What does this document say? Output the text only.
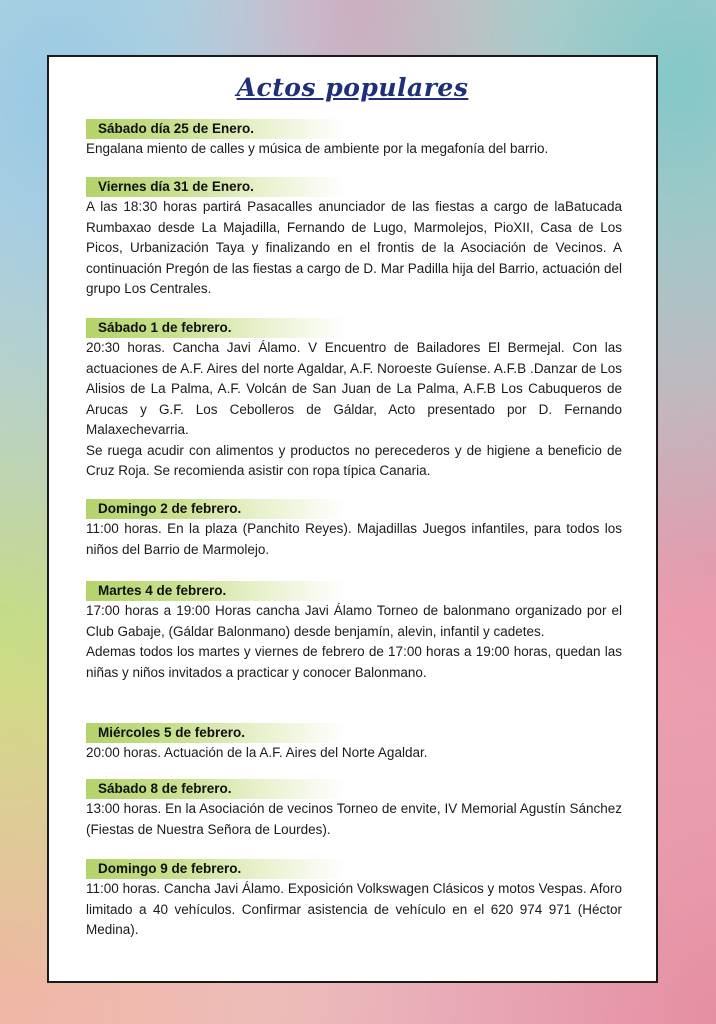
Actos populares
Sábado día 25 de Enero.

Engalana miento de calles y música de ambiente por la megafonía del barrio.

Viernes día 31 de Enero.

A las 18:30 horas partirá Pasacalles anunciador de las fiestas a cargo de laBatucada Rumbaxao desde La Majadilla, Fernando de Lugo, Marmolejos, PioXII, Casa de Los Picos, Urbanización Taya y finalizando en el frontis de la Asociación de Vecinos. A continuación Pregón de las fiestas a cargo de D. Mar Padilla hija del Barrio, actuación del grupo Los Centrales.

Sábado 1 de febrero.

20:30 horas. Cancha Javi Álamo. V Encuentro de Bailadores El Bermejal. Con las actuaciones de A.F. Aires del norte Agaldar, A.F. Noroeste Guíense. A.F.B .Danzar de Los Alisios de La Palma, A.F. Volcán de San Juan de La Palma, A.F.B Los Cabuqueros de Arucas y G.F. Los Cebolleros de Gáldar, Acto presentado por D. Fernando Malaxechevarria.

Se ruega acudir con alimentos y productos no perecederos y de higiene a beneficio de Cruz Roja. Se recomienda asistir con ropa típica Canaria.

Domingo 2 de febrero.

11:00 horas. En la plaza (Panchito Reyes). Majadillas Juegos infantiles, para todos los niños del Barrio de Marmolejo.

Martes 4 de febrero.

17:00 horas a 19:00 Horas cancha Javi Álamo Torneo de balonmano organizado por el Club Gabaje, (Gáldar Balonmano) desde benjamín, alevin, infantil y cadetes.

Ademas todos los martes y viernes de febrero de 17:00 horas a 19:00 horas, quedan las niñas y niños invitados a practicar y conocer Balonmano.

Miércoles 5 de febrero.

20:00 horas. Actuación de la A.F. Aires del Norte Agaldar.

Sábado 8 de febrero.

13:00 horas. En la Asociación de vecinos Torneo de envite, IV Memorial Agustín Sánchez (Fiestas de Nuestra Señora de Lourdes).

Domingo 9 de febrero.

11:00 horas. Cancha Javi Álamo. Exposición Volkswagen Clásicos y motos Vespas. Aforo limitado a 40 vehículos. Confirmar asistencia de vehículo en el 620 974 971 (Héctor Medina).
